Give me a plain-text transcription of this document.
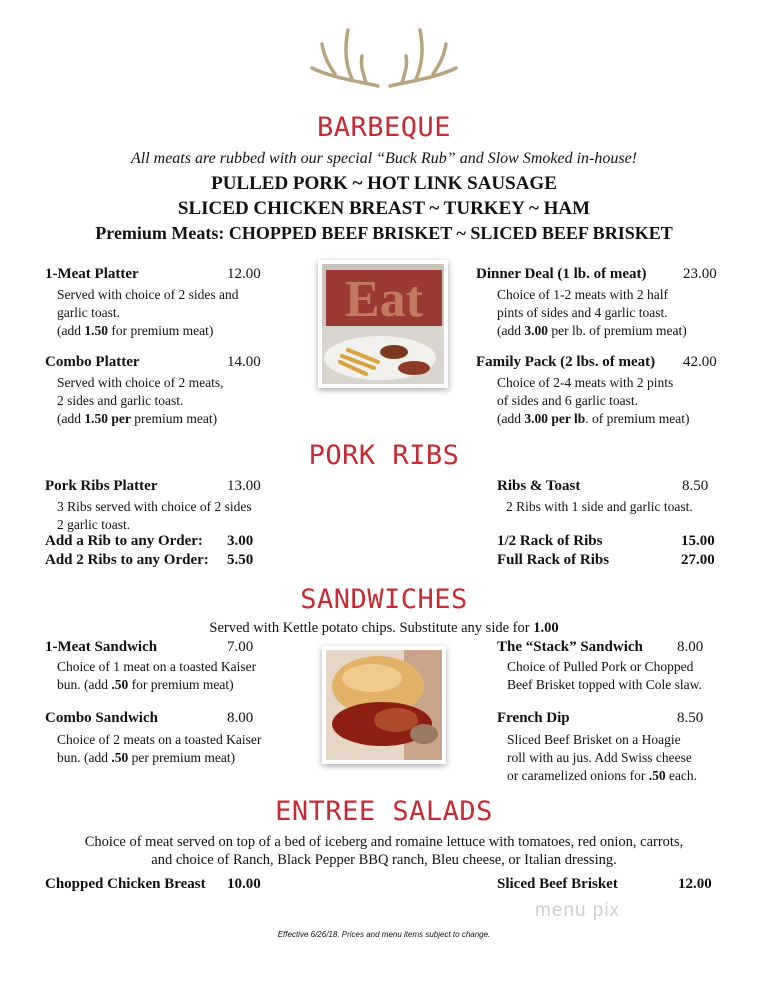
BARBEQUE
All meats are rubbed with our special “Buck Rub” and Slow Smoked in-house!
PULLED PORK ~ HOT LINK SAUSAGE
SLICED CHICKEN BREAST ~ TURKEY ~ HAM
Premium Meats: CHOPPED BEEF BRISKET ~ SLICED BEEF BRISKET
1-Meat Platter	12.00
Served with choice of 2 sides and
garlic toast.
(add 1.50 for premium meat)
Combo Platter	14.00
Served with choice of 2 meats,
2 sides and garlic toast.
(add 1.50 per premium meat)
Eat	Dinner Deal (1 lb. of meat) 23.00
Choice of 1-2 meats with 2 half
pints of sides and 4 garlic toast.
(add 3.00 per lb. of premium meat)
Family Pack (2 lbs. of meat) 42.00
Choice of 2-4 meats with 2 pints
of sides and 6 garlic toast.
(add 3.00 per lb. of premium meat)
PORK RIBS
Pork Ribs Platter	13.00
3 Ribs served with choice of 2 sides
2 garlic toast.
Add a Rib to any Order: 3.00
Add 2 Ribs to any Order: 5.50
Ribs & Toast	8.50
2 Ribs with 1 side and garlic toast.
1/2 Rack of Ribs	15.00
Full Rack of Ribs	27.00
SANDWICHES
Served with Kettle potato chips. Substitute any side for 1.00
1-Meat Sandwich	7.00
Choice of 1 meat on a toasted Kaiser
bun. (add .50 for premium meat)
Combo Sandwich	8.00
Choice of 2 meats on a toasted Kaiser
bun. (add .50 per premium meat)
The “Stack” Sandwich 8.00
Choice of Pulled Pork or Chopped
Beef Brisket topped with Cole slaw.
French Dip	8.50
Sliced Beef Brisket on a Hoagie
roll with au jus. Add Swiss cheese
or caramelized onions for .50 each.
ENTREE SALADS
Choice of meat served on top of a bed of iceberg and romaine lettuce with tomatoes, red onion, carrots,
and choice of Ranch, Black Pepper BBQ ranch, Bleu cheese, or Italian dressing.
Chopped Chicken Breast 10.00	Sliced Beef Brisket	12.00
menu pix
Effective 6/26/18. Prices and menu items subject to change.
